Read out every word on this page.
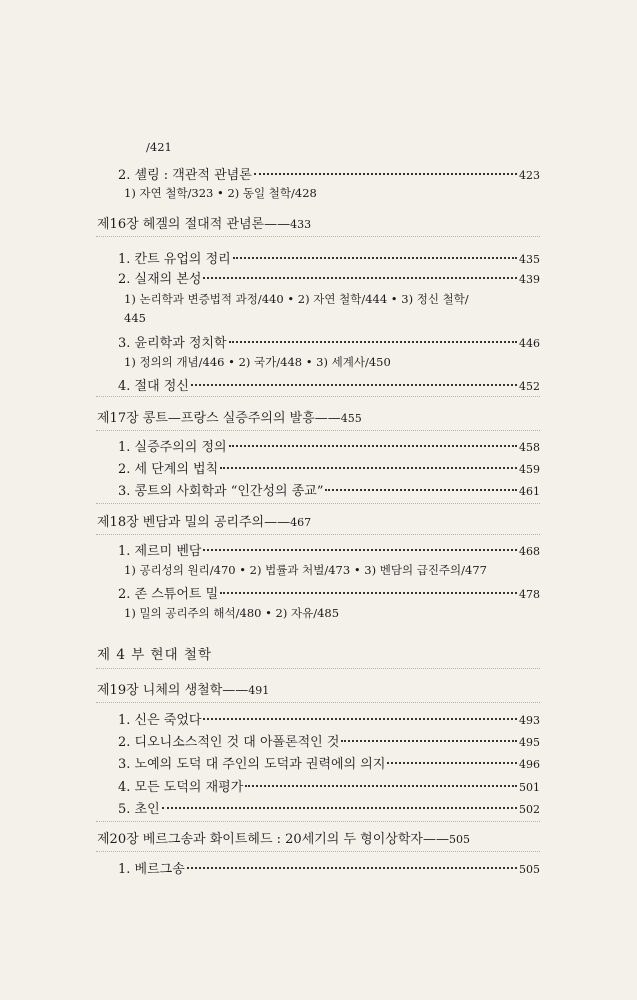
/421
2. 셸링 : 객관적 관념론	423
1) 자연 철학/323 • 2) 동일 철학/428
제16장 헤겔의 절대적 관념론——433
1. 칸트 유업의 정리	435
2. 실재의 본성	439
1) 논리학과 변증법적 과정/440 • 2) 자연 철학/444 • 3) 정신 철학/
445
3. 윤리학과 정치학	446
1) 정의의 개념/446 • 2) 국가/448 • 3) 세계사/450
4. 절대 정신	452
제17장 콩트—프랑스 실증주의의 발흥——455
1. 실증주의의 정의	458
2. 세 단계의 법칙	459
3. 콩트의 사회학과 “인간성의 종교”	461
제18장 벤담과 밀의 공리주의——467
1. 제르미 벤담	468
1) 공리성의 원리/470 • 2) 법률과 처벌/473 • 3) 벤담의 급진주의/477
2. 존 스튜어트 밀	478
1) 밀의 공리주의 해석/480 • 2) 자유/485
제 4 부 현대 철학
제19장 니체의 생철학——491
1. 신은 죽었다	493
2. 디오니소스적인 것 대 아폴론적인 것	495
3. 노예의 도덕 대 주인의 도덕과 권력에의 의지	496
4. 모든 도덕의 재평가	501
5. 초인	502
제20장 베르그송과 화이트헤드 : 20세기의 두 형이상학자——505
1. 베르그송	505
